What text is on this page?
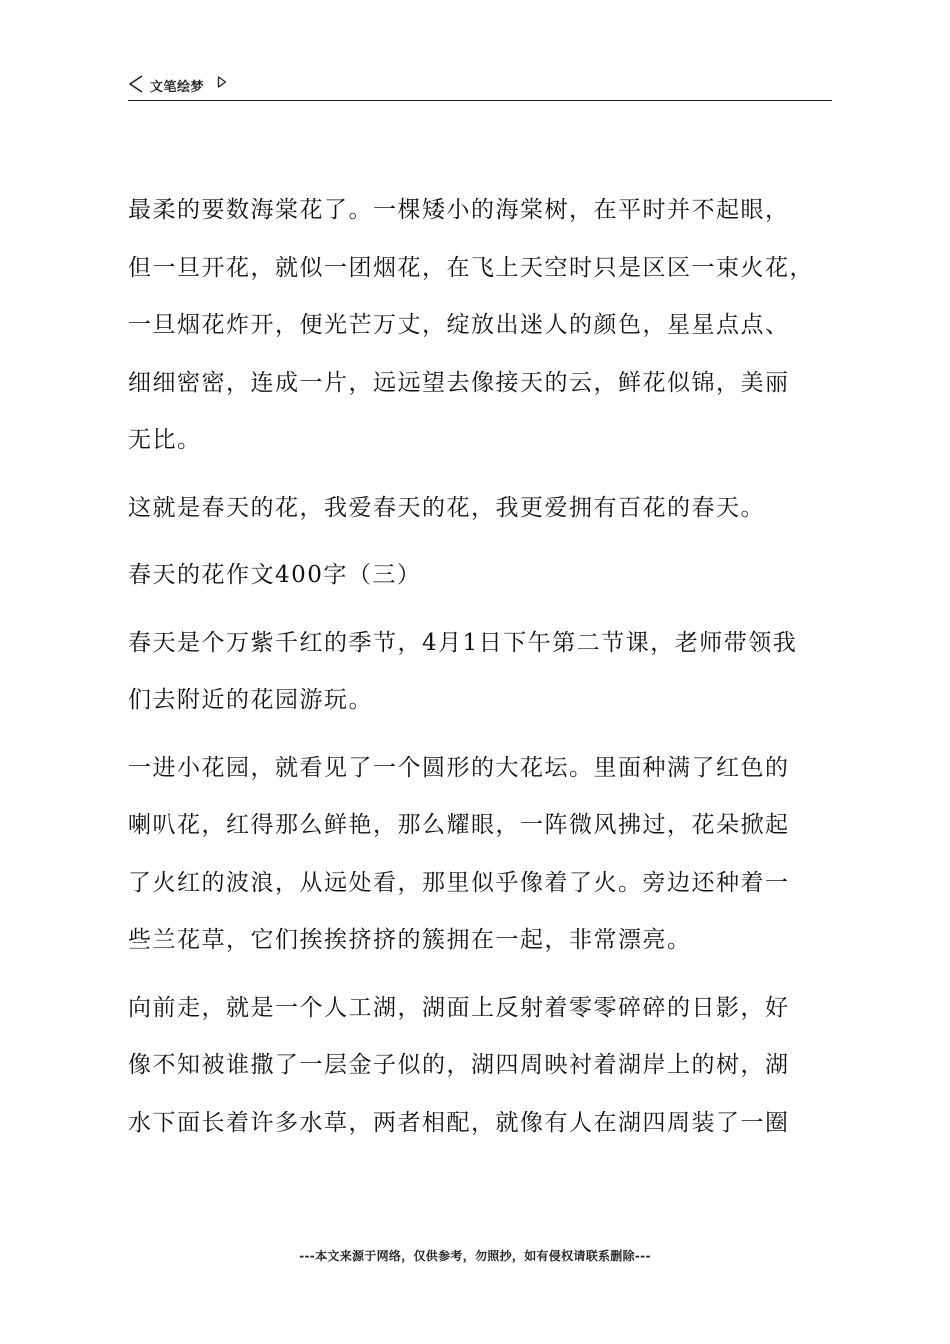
文笔绘梦

最柔的要数海棠花了。一棵矮小的海棠树，在平时并不起眼，
但一旦开花，就似一团烟花，在飞上天空时只是区区一束火花，
一旦烟花炸开，便光芒万丈，绽放出迷人的颜色，星星点点、
细细密密，连成一片，远远望去像接天的云，鲜花似锦，美丽
无比。

这就是春天的花，我爱春天的花，我更爱拥有百花的春天。

春天的花作文400字（三）

春天是个万紫千红的季节，4月1日下午第二节课，老师带领我
们去附近的花园游玩。

一进小花园，就看见了一个圆形的大花坛。里面种满了红色的
喇叭花，红得那么鲜艳，那么耀眼，一阵微风拂过，花朵掀起
了火红的波浪，从远处看，那里似乎像着了火。旁边还种着一
些兰花草，它们挨挨挤挤的簇拥在一起，非常漂亮。

向前走，就是一个人工湖，湖面上反射着零零碎碎的日影，好
像不知被谁撒了一层金子似的，湖四周映衬着湖岸上的树，湖
水下面长着许多水草，两者相配，就像有人在湖四周装了一圈

---本文来源于网络，仅供参考，勿照抄，如有侵权请联系删除---
